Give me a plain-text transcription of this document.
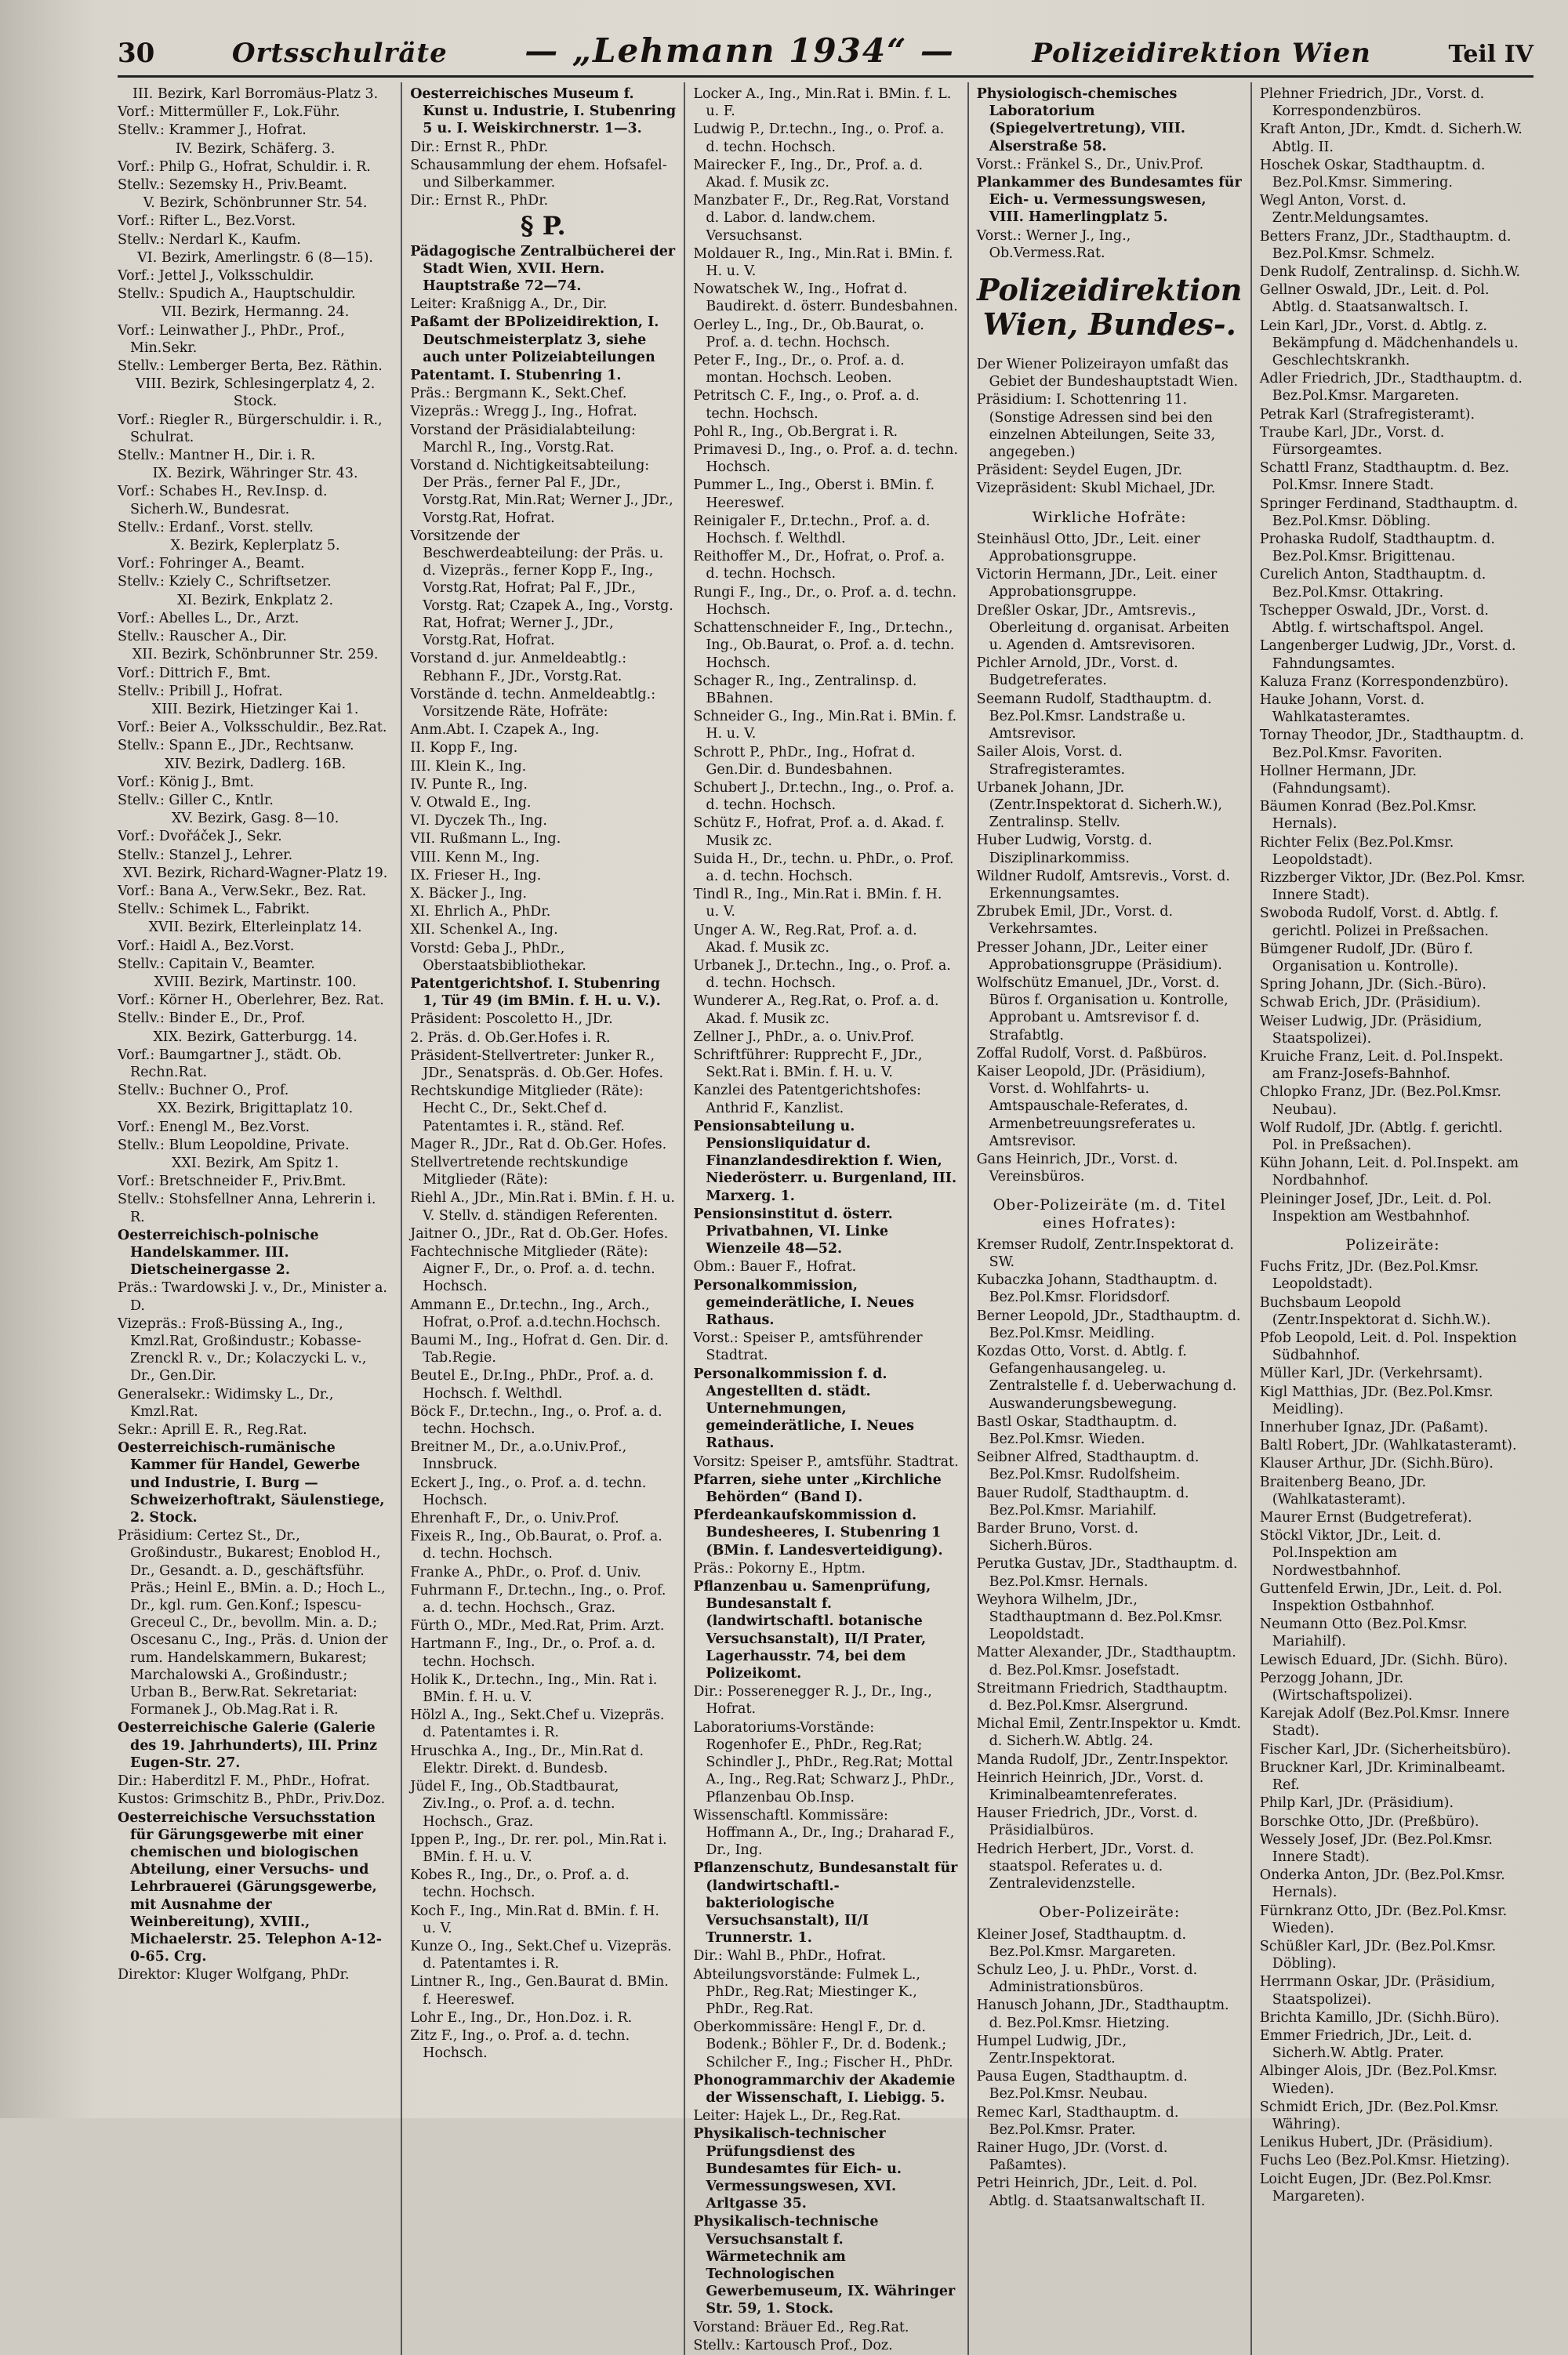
30	Ortsschulräte — „Lehmann 1934“ —	Polizeidirektion Wien	Teil IV

III. Bezirk, Karl Borromäus-Platz 3.

Vorf.: Mittermüller F., Lok.Führ.

Stellv.: Krammer J., Hofrat.

IV. Bezirk, Schäferg. 3.

Vorf.: Philp G., Hofrat, Schuldir. i. R.

Stellv.: Sezemsky H., Priv.Beamt.

V. Bezirk, Schönbrunner Str. 54.

Vorf.: Rifter L., Bez.Vorst.

Stellv.: Nerdarl K., Kaufm.

VI. Bezirk, Amerlingstr. 6 (8—15).

Vorf.: Jettel J., Volksschuldir.

Stellv.: Spudich A., Hauptschuldir.

VII. Bezirk, Hermanng. 24.

Vorf.: Leinwather J., PhDr., Prof., Min.Sekr.

Stellv.: Lemberger Berta, Bez. Räthin.

VIII. Bezirk, Schlesingerplatz 4, 2. Stock.

Vorf.: Riegler R., Bürgerschuldir. i. R., Schulrat.

Stellv.: Mantner H., Dir. i. R.

IX. Bezirk, Währinger Str. 43.

Vorf.: Schabes H., Rev.Insp. d. Sicherh.W., Bundesrat.

Stellv.: Erdanf., Vorst. stellv.

X. Bezirk, Keplerplatz 5.

Vorf.: Fohringer A., Beamt.

Stellv.: Kziely C., Schriftsetzer.

XI. Bezirk, Enkplatz 2.

Vorf.: Abelles L., Dr., Arzt.

Stellv.: Rauscher A., Dir.

XII. Bezirk, Schönbrunner Str. 259.

Vorf.: Dittrich F., Bmt.

Stellv.: Pribill J., Hofrat.

XIII. Bezirk, Hietzinger Kai 1.

Vorf.: Beier A., Volksschuldir., Bez.Rat.

Stellv.: Spann E., JDr., Rechtsanw.

XIV. Bezirk, Dadlerg. 16B.

Vorf.: König J., Bmt.

Stellv.: Giller C., Kntlr.

XV. Bezirk, Gasg. 8—10.

Vorf.: Dvořáček J., Sekr.

Stellv.: Stanzel J., Lehrer.

XVI. Bezirk, Richard-Wagner-Platz 19.

Vorf.: Bana A., Verw.Sekr., Bez. Rat.

Stellv.: Schimek L., Fabrikt.

XVII. Bezirk, Elterleinplatz 14.

Vorf.: Haidl A., Bez.Vorst.

Stellv.: Capitain V., Beamter.

XVIII. Bezirk, Martinstr. 100.

Vorf.: Körner H., Oberlehrer, Bez. Rat.

Stellv.: Binder E., Dr., Prof.

XIX. Bezirk, Gatterburgg. 14.

Vorf.: Baumgartner J., städt. Ob. Rechn.Rat.

Stellv.: Buchner O., Prof.

XX. Bezirk, Brigittaplatz 10.

Vorf.: Enengl M., Bez.Vorst.

Stellv.: Blum Leopoldine, Private.

XXI. Bezirk, Am Spitz 1.

Vorf.: Bretschneider F., Priv.Bmt.

Stellv.: Stohsfellner Anna, Lehrerin i. R.

Oesterreichisch-polnische Handelskammer. III. Dietscheinergasse 2.

Präs.: Twardowski J. v., Dr., Minister a. D.

Vizepräs.: Froß-Büssing A., Ing., Kmzl.Rat, Großindustr.; Kobasse-Zrenckl R. v., Dr.; Kolaczycki L. v., Dr., Gen.Dir.

Generalsekr.: Widimsky L., Dr., Kmzl.Rat.

Sekr.: Aprill E. R., Reg.Rat.

Oesterreichisch-rumänische Kammer für Handel, Gewerbe und Industrie, I. Burg — Schweizerhoftrakt, Säulenstiege, 2. Stock.

Präsidium: Certez St., Dr., Großindustr., Bukarest; Enoblod H., Dr., Gesandt. a. D., geschäftsführ. Präs.; Heinl E., BMin. a. D.; Hoch L., Dr., kgl. rum. Gen.Konf.; Ispescu-Greceul C., Dr., bevollm. Min. a. D.; Oscesanu C., Ing., Präs. d. Union der rum. Handelskammern, Bukarest; Marchalowski A., Großindustr.; Urban B., Berw.Rat. Sekretariat: Formanek J., Ob.Mag.Rat i. R.

Oesterreichische Galerie (Galerie des 19. Jahrhunderts), III. Prinz Eugen-Str. 27.

Dir.: Haberditzl F. M., PhDr., Hofrat.

Kustos: Grimschitz B., PhDr., Priv.Doz.

Oesterreichische Versuchsstation für Gärungsgewerbe mit einer chemischen und biologischen Abteilung, einer Versuchs- und Lehrbrauerei (Gärungsgewerbe, mit Ausnahme der Weinbereitung), XVIII., Michaelerstr. 25. Telephon A-12-0-65. Crg.

Direktor: Kluger Wolfgang, PhDr.

Oesterreichisches Museum f. Kunst u. Industrie, I. Stubenring 5 u. I. Weiskirchnerstr. 1—3.

Dir.: Ernst R., PhDr.

Schausammlung der ehem. Hofsafel- und Silberkammer.

Dir.: Ernst R., PhDr.

§ P.

Pädagogische Zentralbücherei der Stadt Wien, XVII. Hern. Hauptstraße 72—74.

Leiter: Kraßnigg A., Dr., Dir.

Paßamt der BPolizeidirektion, I. Deutschmeisterplatz 3, siehe auch unter Polizeiabteilungen

Patentamt. I. Stubenring 1.

Präs.: Bergmann K., Sekt.Chef.

Vizepräs.: Wregg J., Ing., Hofrat.

Vorstand der Präsidialabteilung: Marchl R., Ing., Vorstg.Rat.

Vorstand d. Nichtigkeitsabteilung: Der Präs., ferner Pal F., JDr., Vorstg.Rat, Min.Rat; Werner J., JDr., Vorstg.Rat, Hofrat.

Vorsitzende der Beschwerdeabteilung: der Präs. u. d. Vizepräs., ferner Kopp F., Ing., Vorstg.Rat, Hofrat; Pal F., JDr., Vorstg. Rat; Czapek A., Ing., Vorstg. Rat, Hofrat; Werner J., JDr., Vorstg.Rat, Hofrat.

Vorstand d. jur. Anmeldeabtlg.: Rebhann F., JDr., Vorstg.Rat.

Vorstände d. techn. Anmeldeabtlg.: Vorsitzende Räte, Hofräte:

Anm.Abt. I. Czapek A., Ing.

II. Kopp F., Ing.

III. Klein K., Ing.

IV. Punte R., Ing.

V. Otwald E., Ing.

VI. Dyczek Th., Ing.

VII. Rußmann L., Ing.

VIII. Kenn M., Ing.

IX. Frieser H., Ing.

X. Bäcker J., Ing.

XI. Ehrlich A., PhDr.

XII. Schenkel A., Ing.

Vorstd: Geba J., PhDr., Oberstaatsbibliothekar.

Patentgerichtshof. I. Stubenring 1, Tür 49 (im BMin. f. H. u. V.).

Präsident: Poscoletto H., JDr.

2. Präs. d. Ob.Ger.Hofes i. R.

Präsident-Stellvertreter: Junker R., JDr., Senatspräs. d. Ob.Ger. Hofes.

Rechtskundige Mitglieder (Räte): Hecht C., Dr., Sekt.Chef d. Patentamtes i. R., ständ. Ref.

Mager R., JDr., Rat d. Ob.Ger. Hofes.

Stellvertretende rechtskundige Mitglieder (Räte):

Riehl A., JDr., Min.Rat i. BMin. f. H. u. V. Stellv. d. ständigen Referenten.

Jaitner O., JDr., Rat d. Ob.Ger. Hofes.

Fachtechnische Mitglieder (Räte): Aigner F., Dr., o. Prof. a. d. techn. Hochsch.

Ammann E., Dr.techn., Ing., Arch., Hofrat, o.Prof. a.d.techn.Hochsch.

Baumi M., Ing., Hofrat d. Gen. Dir. d. Tab.Regie.

Beutel E., Dr.Ing., PhDr., Prof. a. d. Hochsch. f. Welthdl.

Böck F., Dr.techn., Ing., o. Prof. a. d. techn. Hochsch.

Breitner M., Dr., a.o.Univ.Prof., Innsbruck.

Eckert J., Ing., o. Prof. a. d. techn. Hochsch.

Ehrenhaft F., Dr., o. Univ.Prof.

Fixeis R., Ing., Ob.Baurat, o. Prof. a. d. techn. Hochsch.

Franke A., PhDr., o. Prof. d. Univ.

Fuhrmann F., Dr.techn., Ing., o. Prof. a. d. techn. Hochsch., Graz.

Fürth O., MDr., Med.Rat, Prim. Arzt.

Hartmann F., Ing., Dr., o. Prof. a. d. techn. Hochsch.

Holik K., Dr.techn., Ing., Min. Rat i. BMin. f. H. u. V.

Hölzl A., Ing., Sekt.Chef u. Vizepräs. d. Patentamtes i. R.

Hruschka A., Ing., Dr., Min.Rat d. Elektr. Direkt. d. Bundesb.

Jüdel F., Ing., Ob.Stadtbaurat, Ziv.Ing., o. Prof. a. d. techn. Hochsch., Graz.

Ippen P., Ing., Dr. rer. pol., Min.Rat i. BMin. f. H. u. V.

Kobes R., Ing., Dr., o. Prof. a. d. techn. Hochsch.

Koch F., Ing., Min.Rat d. BMin. f. H. u. V.

Kunze O., Ing., Sekt.Chef u. Vizepräs. d. Patentamtes i. R.

Lintner R., Ing., Gen.Baurat d. BMin. f. Heereswef.

Lohr E., Ing., Dr., Hon.Doz. i. R.

Zitz F., Ing., o. Prof. a. d. techn. Hochsch.

Locker A., Ing., Min.Rat i. BMin. f. L. u. F.

Ludwig P., Dr.techn., Ing., o. Prof. a. d. techn. Hochsch.

Mairecker F., Ing., Dr., Prof. a. d. Akad. f. Musik zc.

Manzbater F., Dr., Reg.Rat, Vorstand d. Labor. d. landw.chem. Versuchsanst.

Moldauer R., Ing., Min.Rat i. BMin. f. H. u. V.

Nowatschek W., Ing., Hofrat d. Baudirekt. d. österr. Bundesbahnen.

Oerley L., Ing., Dr., Ob.Baurat, o. Prof. a. d. techn. Hochsch.

Peter F., Ing., Dr., o. Prof. a. d. montan. Hochsch. Leoben.

Petritsch C. F., Ing., o. Prof. a. d. techn. Hochsch.

Pohl R., Ing., Ob.Bergrat i. R.

Primavesi D., Ing., o. Prof. a. d. techn. Hochsch.

Pummer L., Ing., Oberst i. BMin. f. Heereswef.

Reinigaler F., Dr.techn., Prof. a. d. Hochsch. f. Welthdl.

Reithoffer M., Dr., Hofrat, o. Prof. a. d. techn. Hochsch.

Rungi F., Ing., Dr., o. Prof. a. d. techn. Hochsch.

Schattenschneider F., Ing., Dr.techn., Ing., Ob.Baurat, o. Prof. a. d. techn. Hochsch.

Schager R., Ing., Zentralinsp. d. BBahnen.

Schneider G., Ing., Min.Rat i. BMin. f. H. u. V.

Schrott P., PhDr., Ing., Hofrat d. Gen.Dir. d. Bundesbahnen.

Schubert J., Dr.techn., Ing., o. Prof. a. d. techn. Hochsch.

Schütz F., Hofrat, Prof. a. d. Akad. f. Musik zc.

Suida H., Dr., techn. u. PhDr., o. Prof. a. d. techn. Hochsch.

Tindl R., Ing., Min.Rat i. BMin. f. H. u. V.

Unger A. W., Reg.Rat, Prof. a. d. Akad. f. Musik zc.

Urbanek J., Dr.techn., Ing., o. Prof. a. d. techn. Hochsch.

Wunderer A., Reg.Rat, o. Prof. a. d. Akad. f. Musik zc.

Zellner J., PhDr., a. o. Univ.Prof.

Schriftführer: Rupprecht F., JDr., Sekt.Rat i. BMin. f. H. u. V.

Kanzlei des Patentgerichtshofes: Anthrid F., Kanzlist.

Pensionsabteilung u. Pensionsliquidatur d. Finanzlandesdirektion f. Wien, Niederösterr. u. Burgenland, III. Marxerg. 1.

Pensionsinstitut d. österr. Privatbahnen, VI. Linke Wienzeile 48—52.

Obm.: Bauer F., Hofrat.

Personalkommission, gemeinderätliche, I. Neues Rathaus.

Vorst.: Speiser P., amtsführender Stadtrat.

Personalkommission f. d. Angestellten d. städt. Unternehmungen, gemeinderätliche, I. Neues Rathaus.

Vorsitz: Speiser P., amtsführ. Stadtrat.

Pfarren, siehe unter „Kirchliche Behörden“ (Band I).

Pferdeankaufskommission d. Bundesheeres, I. Stubenring 1 (BMin. f. Landesverteidigung).

Präs.: Pokorny E., Hptm.

Pflanzenbau u. Samenprüfung, Bundesanstalt f. (landwirtschaftl. botanische Versuchsanstalt), II/I Prater, Lagerhausstr. 74, bei dem Polizeikomt.

Dir.: Posserenegger R. J., Dr., Ing., Hofrat.

Laboratoriums-Vorstände: Rogenhofer E., PhDr., Reg.Rat; Schindler J., PhDr., Reg.Rat; Mottal A., Ing., Reg.Rat; Schwarz J., PhDr., Pflanzenbau Ob.Insp.

Wissenschaftl. Kommissäre: Hoffmann A., Dr., Ing.; Draharad F., Dr., Ing.

Pflanzenschutz, Bundesanstalt für (landwirtschaftl.-bakteriologische Versuchsanstalt), II/I Trunnerstr. 1.

Dir.: Wahl B., PhDr., Hofrat.

Abteilungsvorstände: Fulmek L., PhDr., Reg.Rat; Miestinger K., PhDr., Reg.Rat.

Oberkommissäre: Hengl F., Dr. d. Bodenk.; Böhler F., Dr. d. Bodenk.; Schilcher F., Ing.; Fischer H., PhDr.

Phonogrammarchiv der Akademie der Wissenschaft, I. Liebigg. 5.

Leiter: Hajek L., Dr., Reg.Rat.

Physikalisch-technischer Prüfungsdienst des Bundesamtes für Eich- u. Vermessungswesen, XVI. Arltgasse 35.

Physikalisch-technische Versuchsanstalt f. Wärmetechnik am Technologischen Gewerbemuseum, IX. Währinger Str. 59, 1. Stock.

Vorstand: Bräuer Ed., Reg.Rat.

Stellv.: Kartousch Prof., Doz.

Physiologisch-chemisches Laboratorium (Spiegelvertretung), VIII. Alserstraße 58.

Vorst.: Fränkel S., Dr., Univ.Prof.

Plankammer des Bundesamtes für Eich- u. Vermessungswesen, VIII. Hamerlingplatz 5.

Vorst.: Werner J., Ing., Ob.Vermess.Rat.

Polizeidirektion Wien, Bundes-.

Der Wiener Polizeirayon umfaßt das Gebiet der Bundeshauptstadt Wien.

Präsidium: I. Schottenring 11. (Sonstige Adressen sind bei den einzelnen Abteilungen, Seite 33, angegeben.)

Präsident: Seydel Eugen, JDr.

Vizepräsident: Skubl Michael, JDr.

Wirkliche Hofräte:

Steinhäusl Otto, JDr., Leit. einer Approbationsgruppe.

Victorin Hermann, JDr., Leit. einer Approbationsgruppe.

Dreßler Oskar, JDr., Amtsrevis., Oberleitung d. organisat. Arbeiten u. Agenden d. Amtsrevisoren.

Pichler Arnold, JDr., Vorst. d. Budgetreferates.

Seemann Rudolf, Stadthauptm. d. Bez.Pol.Kmsr. Landstraße u. Amtsrevisor.

Sailer Alois, Vorst. d. Strafregisteramtes.

Urbanek Johann, JDr. (Zentr.Inspektorat d. Sicherh.W.), Zentralinsp. Stellv.

Huber Ludwig, Vorstg. d. Disziplinarkommiss.

Wildner Rudolf, Amtsrevis., Vorst. d. Erkennungsamtes.

Zbrubek Emil, JDr., Vorst. d. Verkehrsamtes.

Presser Johann, JDr., Leiter einer Approbationsgruppe (Präsidium).

Wolfschütz Emanuel, JDr., Vorst. d. Büros f. Organisation u. Kontrolle, Approbant u. Amtsrevisor f. d. Strafabtlg.

Zoffal Rudolf, Vorst. d. Paßbüros.

Kaiser Leopold, JDr. (Präsidium), Vorst. d. Wohlfahrts- u. Amtspauschale-Referates, d. Armenbetreuungsreferates u. Amtsrevisor.

Gans Heinrich, JDr., Vorst. d. Vereinsbüros.

Ober-Polizeiräte (m. d. Titel eines Hofrates):

Kremser Rudolf, Zentr.Inspektorat d. SW.

Kubaczka Johann, Stadthauptm. d. Bez.Pol.Kmsr. Floridsdorf.

Berner Leopold, JDr., Stadthauptm. d. Bez.Pol.Kmsr. Meidling.

Kozdas Otto, Vorst. d. Abtlg. f. Gefangenhausangeleg. u. Zentralstelle f. d. Ueberwachung d. Auswanderungsbewegung.

Bastl Oskar, Stadthauptm. d. Bez.Pol.Kmsr. Wieden.

Seibner Alfred, Stadthauptm. d. Bez.Pol.Kmsr. Rudolfsheim.

Bauer Rudolf, Stadthauptm. d. Bez.Pol.Kmsr. Mariahilf.

Barder Bruno, Vorst. d. Sicherh.Büros.

Perutka Gustav, JDr., Stadthauptm. d. Bez.Pol.Kmsr. Hernals.

Weyhora Wilhelm, JDr., Stadthauptmann d. Bez.Pol.Kmsr. Leopoldstadt.

Matter Alexander, JDr., Stadthauptm. d. Bez.Pol.Kmsr. Josefstadt.

Streitmann Friedrich, Stadthauptm. d. Bez.Pol.Kmsr. Alsergrund.

Michal Emil, Zentr.Inspektor u. Kmdt. d. Sicherh.W. Abtlg. 24.

Manda Rudolf, JDr., Zentr.Inspektor.

Heinrich Heinrich, JDr., Vorst. d. Kriminalbeamtenreferates.

Hauser Friedrich, JDr., Vorst. d. Präsidialbüros.

Hedrich Herbert, JDr., Vorst. d. staatspol. Referates u. d. Zentralevidenzstelle.

Ober-Polizeiräte:

Kleiner Josef, Stadthauptm. d. Bez.Pol.Kmsr. Margareten.

Schulz Leo, J. u. PhDr., Vorst. d. Administrationsbüros.

Hanusch Johann, JDr., Stadthauptm. d. Bez.Pol.Kmsr. Hietzing.

Humpel Ludwig, JDr., Zentr.Inspektorat.

Pausa Eugen, Stadthauptm. d. Bez.Pol.Kmsr. Neubau.

Remec Karl, Stadthauptm. d. Bez.Pol.Kmsr. Prater.

Rainer Hugo, JDr. (Vorst. d. Paßamtes).

Petri Heinrich, JDr., Leit. d. Pol. Abtlg. d. Staatsanwaltschaft II.

Plehner Friedrich, JDr., Vorst. d. Korrespondenzbüros.

Kraft Anton, JDr., Kmdt. d. Sicherh.W. Abtlg. II.

Hoschek Oskar, Stadthauptm. d. Bez.Pol.Kmsr. Simmering.

Wegl Anton, Vorst. d. Zentr.Meldungsamtes.

Betters Franz, JDr., Stadthauptm. d. Bez.Pol.Kmsr. Schmelz.

Denk Rudolf, Zentralinsp. d. Sichh.W.

Gellner Oswald, JDr., Leit. d. Pol. Abtlg. d. Staatsanwaltsch. I.

Lein Karl, JDr., Vorst. d. Abtlg. z. Bekämpfung d. Mädchenhandels u. Geschlechtskrankh.

Adler Friedrich, JDr., Stadthauptm. d. Bez.Pol.Kmsr. Margareten.

Petrak Karl (Strafregisteramt).

Traube Karl, JDr., Vorst. d. Fürsorgeamtes.

Schattl Franz, Stadthauptm. d. Bez. Pol.Kmsr. Innere Stadt.

Springer Ferdinand, Stadthauptm. d. Bez.Pol.Kmsr. Döbling.

Prohaska Rudolf, Stadthauptm. d. Bez.Pol.Kmsr. Brigittenau.

Curelich Anton, Stadthauptm. d. Bez.Pol.Kmsr. Ottakring.

Tschepper Oswald, JDr., Vorst. d. Abtlg. f. wirtschaftspol. Angel.

Langenberger Ludwig, JDr., Vorst. d. Fahndungsamtes.

Kaluza Franz (Korrespondenzbüro).

Hauke Johann, Vorst. d. Wahlkatasteramtes.

Tornay Theodor, JDr., Stadthauptm. d. Bez.Pol.Kmsr. Favoriten.

Hollner Hermann, JDr. (Fahndungsamt).

Bäumen Konrad (Bez.Pol.Kmsr. Hernals).

Richter Felix (Bez.Pol.Kmsr. Leopoldstadt).

Rizzberger Viktor, JDr. (Bez.Pol. Kmsr. Innere Stadt).

Swoboda Rudolf, Vorst. d. Abtlg. f. gerichtl. Polizei in Preßsachen.

Bümgener Rudolf, JDr. (Büro f. Organisation u. Kontrolle).

Spring Johann, JDr. (Sich.-Büro).

Schwab Erich, JDr. (Präsidium).

Weiser Ludwig, JDr. (Präsidium, Staatspolizei).

Kruiche Franz, Leit. d. Pol.Inspekt. am Franz-Josefs-Bahnhof.

Chlopko Franz, JDr. (Bez.Pol.Kmsr. Neubau).

Wolf Rudolf, JDr. (Abtlg. f. gerichtl. Pol. in Preßsachen).

Kühn Johann, Leit. d. Pol.Inspekt. am Nordbahnhof.

Pleininger Josef, JDr., Leit. d. Pol. Inspektion am Westbahnhof.

Polizeiräte:

Fuchs Fritz, JDr. (Bez.Pol.Kmsr. Leopoldstadt).

Buchsbaum Leopold (Zentr.Inspektorat d. Sichh.W.).

Pfob Leopold, Leit. d. Pol. Inspektion Südbahnhof.

Müller Karl, JDr. (Verkehrsamt).

Kigl Matthias, JDr. (Bez.Pol.Kmsr. Meidling).

Innerhuber Ignaz, JDr. (Paßamt).

Baltl Robert, JDr. (Wahlkatasteramt).

Klauser Arthur, JDr. (Sichh.Büro).

Braitenberg Beano, JDr. (Wahlkatasteramt).

Maurer Ernst (Budgetreferat).

Stöckl Viktor, JDr., Leit. d. Pol.Inspektion am Nordwestbahnhof.

Guttenfeld Erwin, JDr., Leit. d. Pol. Inspektion Ostbahnhof.

Neumann Otto (Bez.Pol.Kmsr. Mariahilf).

Lewisch Eduard, JDr. (Sichh. Büro).

Perzogg Johann, JDr. (Wirtschaftspolizei).

Karejak Adolf (Bez.Pol.Kmsr. Innere Stadt).

Fischer Karl, JDr. (Sicherheitsbüro).

Bruckner Karl, JDr. Kriminalbeamt. Ref.

Philp Karl, JDr. (Präsidium).

Borschke Otto, JDr. (Preßbüro).

Wessely Josef, JDr. (Bez.Pol.Kmsr. Innere Stadt).

Onderka Anton, JDr. (Bez.Pol.Kmsr. Hernals).

Fürnkranz Otto, JDr. (Bez.Pol.Kmsr. Wieden).

Schüßler Karl, JDr. (Bez.Pol.Kmsr. Döbling).

Herrmann Oskar, JDr. (Präsidium, Staatspolizei).

Brichta Kamillo, JDr. (Sichh.Büro).

Emmer Friedrich, JDr., Leit. d. Sicherh.W. Abtlg. Prater.

Albinger Alois, JDr. (Bez.Pol.Kmsr. Wieden).

Schmidt Erich, JDr. (Bez.Pol.Kmsr. Währing).

Lenikus Hubert, JDr. (Präsidium).

Fuchs Leo (Bez.Pol.Kmsr. Hietzing).

Loicht Eugen, JDr. (Bez.Pol.Kmsr. Margareten).
